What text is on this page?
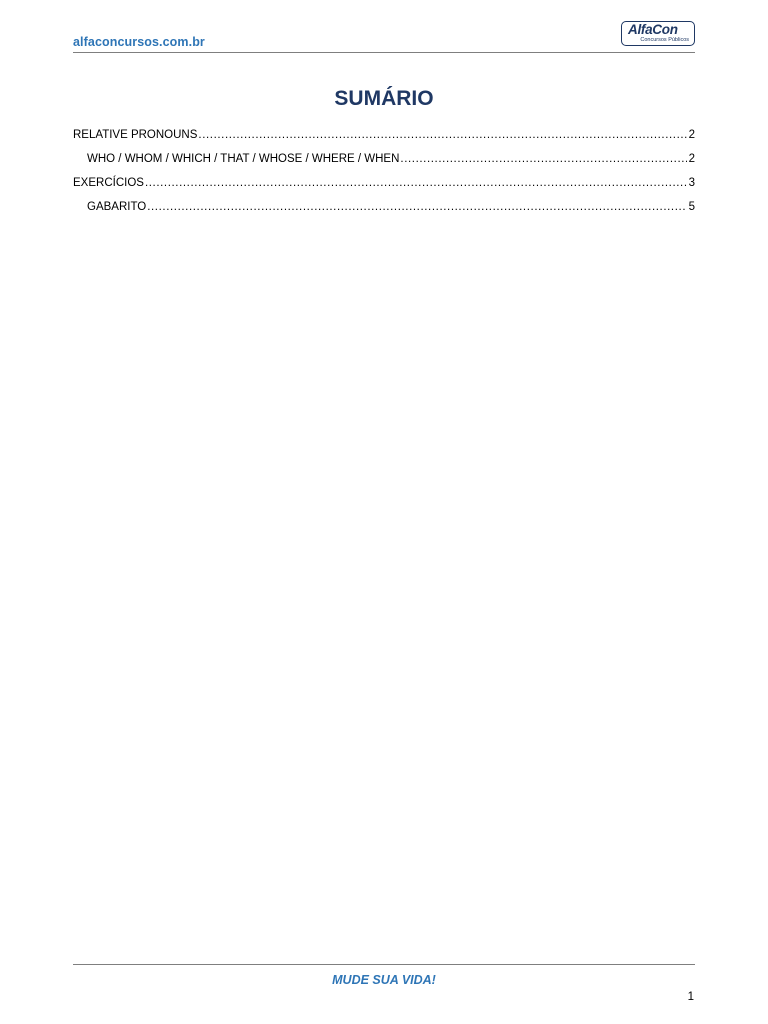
alfaconcursos.com.br
AlfaCon
Concursos Públicos
SUMÁRIO
RELATIVE PRONOUNS .....	2
WHO / WHOM / WHICH / THAT / WHOSE / WHERE / WHEN .....	2
EXERCÍCIOS .....	3
GABARITO .....	5
MUDE SUA VIDA!
1
